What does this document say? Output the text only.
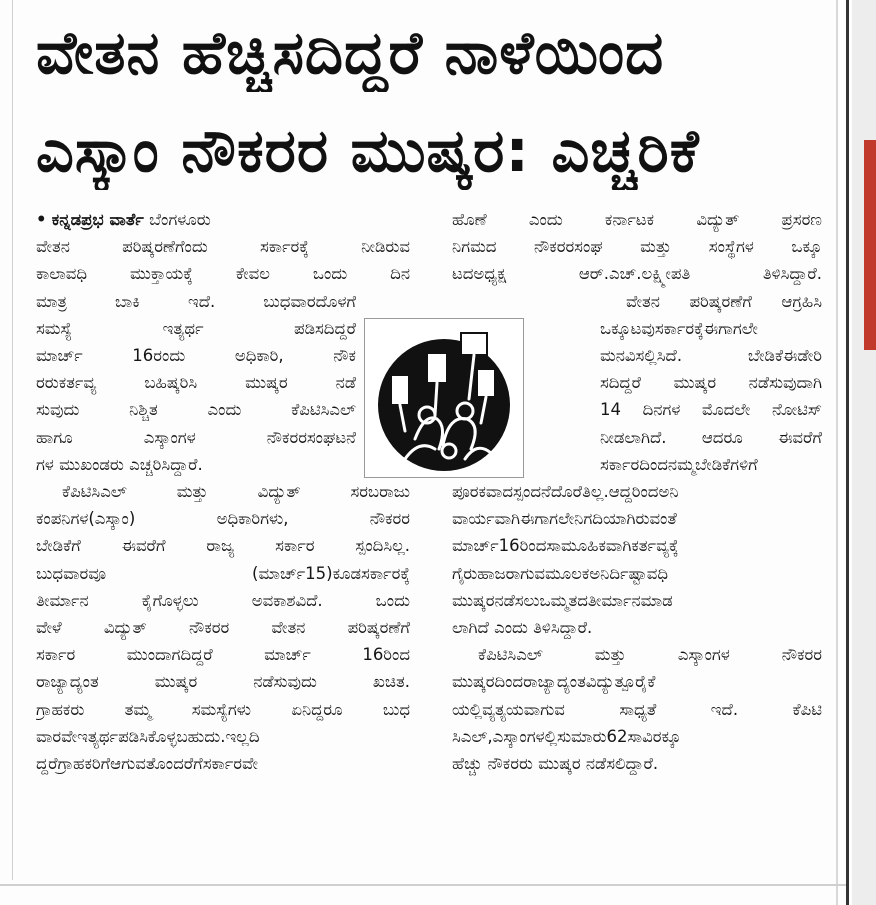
ವೇತನ ಹೆಚ್ಚಿಸದಿದ್ದರೆ ನಾಳೆಯಿಂದ
ಎಸ್ಕಾಂ ನೌಕರರ ಮುಷ್ಕರ: ಎಚ್ಚರಿಕೆ
• ಕನ್ನಡಪ್ರಭ ವಾರ್ತೆ ಬೆಂಗಳೂರು
ವೇತನ ಪರಿಷ್ಕರಣೆಗೆಂದು ಸರ್ಕಾರಕ್ಕೆ ನೀಡಿರುವ
ಕಾಲಾವಧಿ ಮುಕ್ತಾಯಕ್ಕೆ ಕೇವಲ ಒಂದು ದಿನ
ಮಾತ್ರ ಬಾಕಿ ಇದೆ. ಬುಧವಾರದೊಳಗೆ
ಸಮಸ್ಯೆ ಇತ್ಯರ್ಥ ಪಡಿಸದಿದ್ದರೆ
ಮಾರ್ಚ್ 16ರಂದು ಅಧಿಕಾರಿ, ನೌಕ
ರರುಕರ್ತವ್ಯ ಬಹಿಷ್ಕರಿಸಿ ಮುಷ್ಕರ ನಡೆ
ಸುವುದು ನಿಶ್ಚಿತ ಎಂದು ಕೆಪಿಟಿಸಿಎಲ್
ಹಾಗೂ ಎಸ್ಕಾಂಗಳ ನೌಕರರಸಂಘಟನೆ
ಗಳ ಮುಖಂಡರು ಎಚ್ಚರಿಸಿದ್ದಾರೆ.
ಕೆಪಿಟಿಸಿಎಲ್ ಮತ್ತು ವಿದ್ಯುತ್ ಸರಬರಾಜು
ಕಂಪನಿಗಳ(ಎಸ್ಕಾಂ) ಅಧಿಕಾರಿಗಳು, ನೌಕರರ
ಬೇಡಿಕೆಗೆ ಈವರೆಗೆ ರಾಜ್ಯ ಸರ್ಕಾರ ಸ್ಪಂದಿಸಿಲ್ಲ.
ಬುಧವಾರವೂ (ಮಾರ್ಚ್15)ಕೂಡಸರ್ಕಾರಕ್ಕೆ
ತೀರ್ಮಾನ ಕೈಗೊಳ್ಳಲು ಅವಕಾಶವಿದೆ. ಒಂದು
ವೇಳೆ ವಿದ್ಯುತ್ ನೌಕರರ ವೇತನ ಪರಿಷ್ಕರಣೆಗೆ
ಸರ್ಕಾರ ಮುಂದಾಗದಿದ್ದರೆ ಮಾರ್ಚ್ 16ರಿಂದ
ರಾಜ್ಯಾದ್ಯಂತ ಮುಷ್ಕರ ನಡೆಸುವುದು ಖಚಿತ.
ಗ್ರಾಹಕರು ತಮ್ಮ ಸಮಸ್ಯೆಗಳು ಏನಿದ್ದರೂ ಬುಧ
ವಾರವೇಇತ್ಯರ್ಥಪಡಿಸಿಕೊಳ್ಳಬಹುದು.ಇಲ್ಲದಿ
ದ್ದರೆಗ್ರಾಹಕರಿಗೆಆಗುವತೊಂದರೆಗೆಸರ್ಕಾರವೇ
ಹೊಣೆ ಎಂದು ಕರ್ನಾಟಕ ವಿದ್ಯುತ್ ಪ್ರಸರಣ
ನಿಗಮದ ನೌಕರರಸಂಘ ಮತ್ತು ಸಂಸ್ಥೆಗಳ ಒಕ್ಕೂ
ಟದಅಧ್ಯಕ್ಷ ಆರ್.ಎಚ್.ಲಕ್ಷ್ಮೀಪತಿ ತಿಳಿಸಿದ್ದಾರೆ.
ವೇತನ ಪರಿಷ್ಕರಣೆಗೆ ಆಗ್ರಹಿಸಿ
ಒಕ್ಕೂಟವುಸರ್ಕಾರಕ್ಕೆಈಗಾಗಲೇ
ಮನವಿಸಲ್ಲಿಸಿದೆ. ಬೇಡಿಕೆಈಡೇರಿ
ಸದಿದ್ದರೆ ಮುಷ್ಕರ ನಡೆಸುವುದಾಗಿ
14 ದಿನಗಳ ಮೊದಲೇ ನೋಟಿಸ್
ನೀಡಲಾಗಿದೆ. ಆದರೂ ಈವರೆಗೆ
ಸರ್ಕಾರದಿಂದನಮ್ಮಬೇಡಿಕೆಗಳಿಗೆ
ಪೂರಕವಾದಸ್ಪಂದನೆದೊರೆತಿಲ್ಲ.ಆದ್ದರಿಂದಅನಿ
ವಾರ್ಯವಾಗಿಈಗಾಗಲೇನಿಗದಿಯಾಗಿರುವಂತೆ
ಮಾರ್ಚ್16ರಿಂದಸಾಮೂಹಿಕವಾಗಿಕರ್ತವ್ಯಕ್ಕೆ
ಗೈರುಹಾಜರಾಗುವಮೂಲಕಅನಿರ್ದಿಷ್ಟಾವಧಿ
ಮುಷ್ಕರನಡೆಸಲುಒಮ್ಮತದತೀರ್ಮಾನಮಾಡ
ಲಾಗಿದೆ ಎಂದು ತಿಳಿಸಿದ್ದಾರೆ.
ಕೆಪಿಟಿಸಿಎಲ್ ಮತ್ತು ಎಸ್ಕಾಂಗಳ ನೌಕರರ
ಮುಷ್ಕರದಿಂದರಾಜ್ಯಾದ್ಯಂತವಿದ್ಯುತ್ಪೂರೈಕೆ
ಯಲ್ಲಿವ್ಯತ್ಯಯವಾಗುವ ಸಾಧ್ಯತೆ ಇದೆ. ಕೆಪಿಟಿ
ಸಿಎಲ್,ಎಸ್ಕಾಂಗಳಲ್ಲಿಸುಮಾರು62ಸಾವಿರಕ್ಕೂ
ಹೆಚ್ಚು ನೌಕರರು ಮುಷ್ಕರ ನಡೆಸಲಿದ್ದಾರೆ.
